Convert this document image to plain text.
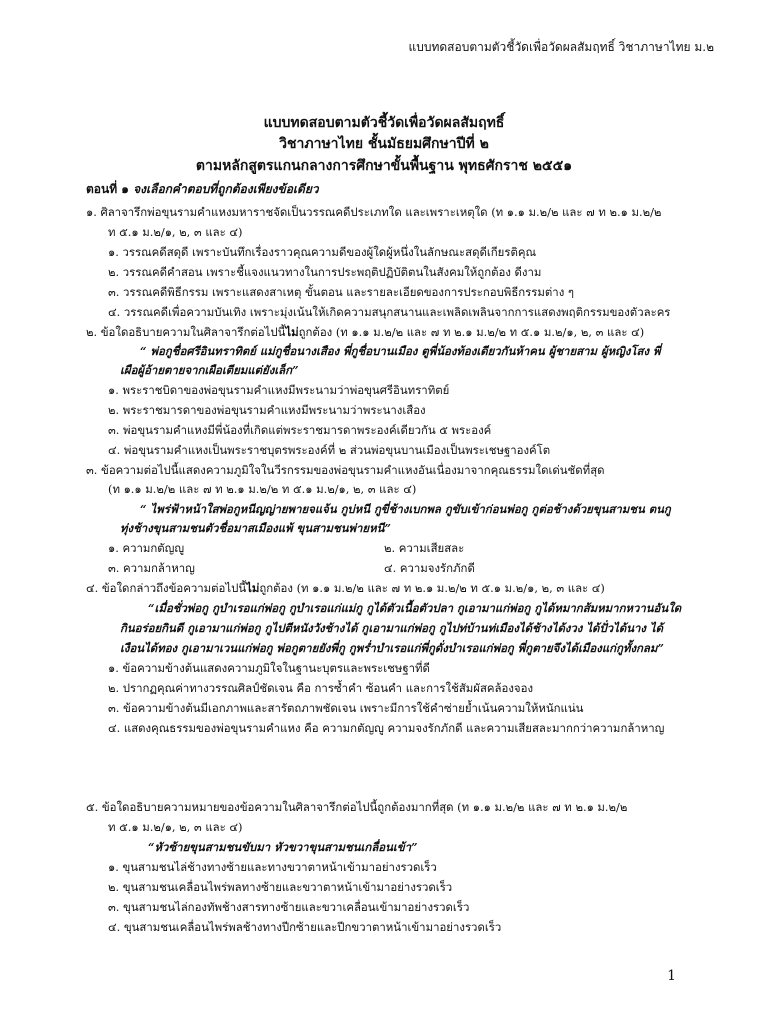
แบบทดสอบตามตัวชี้วัดเพื่อวัดผลสัมฤทธิ์ วิชาภาษาไทย ม.๒
แบบทดสอบตามตัวชี้วัดเพื่อวัดผลสัมฤทธิ์
วิชาภาษาไทย ชั้นมัธยมศึกษาปีที่ ๒
ตามหลักสูตรแกนกลางการศึกษาขั้นพื้นฐาน พุทธศักราช ๒๕๕๑
ตอนที่ ๑ จงเลือกคำตอบที่ถูกต้องเพียงข้อเดียว
๑. ศิลาจารึกพ่อขุนรามคำแหงมหาราชจัดเป็นวรรณคดีประเภทใด และเพราะเหตุใด (ท ๑.๑ ม.๒/๒ และ ๗ ท ๒.๑ ม.๒/๒
ท ๕.๑ ม.๒/๑, ๒, ๓ และ ๔)
๑. วรรณคดีสดุดี เพราะบันทึกเรื่องราวคุณความดีของผู้ใดผู้หนึ่งในลักษณะสดุดีเกียรติคุณ
๒. วรรณคดีคำสอน เพราะชี้แจงแนวทางในการประพฤติปฏิบัติตนในสังคมให้ถูกต้อง ดีงาม
๓. วรรณคดีพิธีกรรม เพราะแสดงสาเหตุ ขั้นตอน และรายละเอียดของการประกอบพิธีกรรมต่าง ๆ
๔. วรรณคดีเพื่อความบันเทิง เพราะมุ่งเน้นให้เกิดความสนุกสนานและเพลิดเพลินจากการแสดงพฤติกรรมของตัวละคร
๒. ข้อใดอธิบายความในศิลาจารึกต่อไปนี้ไม่ถูกต้อง (ท ๑.๑ ม.๒/๒ และ ๗ ท ๒.๑ ม.๒/๒ ท ๕.๑ ม.๒/๑, ๒, ๓ และ ๔)
“ พ่อกูชื่อศรีอินทราทิตย์ แม่กูชื่อนางเสือง พี่กูชื่อบานเมือง ตูพี่น้องท้องเดียวกันห้าคน ผู้ชายสาม ผู้หญิงโสง พี่
เผือผู้อ้ายตายจากเผือเตียมแต่ยังเล็ก”
๑. พระราชบิดาของพ่อขุนรามคำแหงมีพระนามว่าพ่อขุนศรีอินทราทิตย์
๒. พระราชมารดาของพ่อขุนรามคำแหงมีพระนามว่าพระนางเสือง
๓. พ่อขุนรามคำแหงมีพี่น้องที่เกิดแต่พระราชมารดาพระองค์เดียวกัน ๕ พระองค์
๔. พ่อขุนรามคำแหงเป็นพระราชบุตรพระองค์ที่ ๒ ส่วนพ่อขุนบานเมืองเป็นพระเชษฐาองค์โต
๓. ข้อความต่อไปนี้แสดงความภูมิใจในวีรกรรมของพ่อขุนรามคำแหงอันเนื่องมาจากคุณธรรมใดเด่นชัดที่สุด
(ท ๑.๑ ม.๒/๒ และ ๗ ท ๒.๑ ม.๒/๒ ท ๕.๑ ม.๒/๑, ๒, ๓ และ ๔)
“ ไพร่ฟ้าหน้าใสพ่อกูหนีญญ่ายพายจแจ้น กูบ่หนี กูขี่ช้างเบกพล กูขับเข้าก่อนพ่อกู กูต่อช้างด้วยขุนสามชน ตนกู
ทุ่งช้างขุนสามชนตัวชื่อมาสเมืองแพ้ ขุนสามชนพ่ายหนี”
๑. ความกตัญญู	๒. ความเสียสละ
๓. ความกล้าหาญ	๔. ความจงรักภักดี
๔. ข้อใดกล่าวถึงข้อความต่อไปนี้ไม่ถูกต้อง (ท ๑.๑ ม.๒/๒ และ ๗ ท ๒.๑ ม.๒/๒ ท ๕.๑ ม.๒/๑, ๒, ๓ และ ๔)
“เมื่อชั่วพ่อกู กูบำเรอแก่พ่อกู กูบำเรอแก่แม่กู กูได้ตัวเนื้อตัวปลา กูเอามาแก่พ่อกู กูได้หมากส้มหมากหวานอันใด
กินอร่อยกินดี กูเอามาแก่พ่อกู กูไปตีหนังวังช้างได้ กูเอามาแก่พ่อกู กูไปท่บ้านท่เมืองได้ช้างได้งวง ได้ปั่วได้นาง ได้
เงือนได้ทอง กูเอามาเวนแก่พ่อกู พ่อกูตายยังพี่กู กูพร่ำบำเรอแก่พี่กูดั่งบำเรอแก่พ่อกู พี่กูตายจึงได้เมืองแก่กูทั้งกลม”
๑. ข้อความข้างต้นแสดงความภูมิใจในฐานะบุตรและพระเชษฐาที่ดี
๒. ปรากฏคุณค่าทางวรรณศิลป์ชัดเจน คือ การซ้ำคำ ซ้อนคำ และการใช้สัมผัสคล้องจอง
๓. ข้อความข้างต้นมีเอกภาพและสารัตถภาพชัดเจน เพราะมีการใช้คำซ่ายย้ำเน้นความให้หนักแน่น
๔. แสดงคุณธรรมของพ่อขุนรามคำแหง คือ ความกตัญญู ความจงรักภักดี และความเสียสละมากกว่าความกล้าหาญ
๕. ข้อใดอธิบายความหมายของข้อความในศิลาจารึกต่อไปนี้ถูกต้องมากที่สุด (ท ๑.๑ ม.๒/๒ และ ๗ ท ๒.๑ ม.๒/๒
ท ๕.๑ ม.๒/๑, ๒, ๓ และ ๔)
“หัวซ้ายขุนสามชนขับมา หัวขวาขุนสามชนเกลื่อนเข้า”
๑. ขุนสามชนไล่ช้างทางซ้ายและทางขวาตาหน้าเข้ามาอย่างรวดเร็ว
๒. ขุนสามชนเคลื่อนไพร่พลทางซ้ายและขวาตาหน้าเข้ามาอย่างรวดเร็ว
๓. ขุนสามชนไล่กองทัพช้างสารทางซ้ายและขวาเคลื่อนเข้ามาอย่างรวดเร็ว
๔. ขุนสามชนเคลื่อนไพร่พลช้างทางปีกซ้ายและปีกขวาตาหน้าเข้ามาอย่างรวดเร็ว
1
